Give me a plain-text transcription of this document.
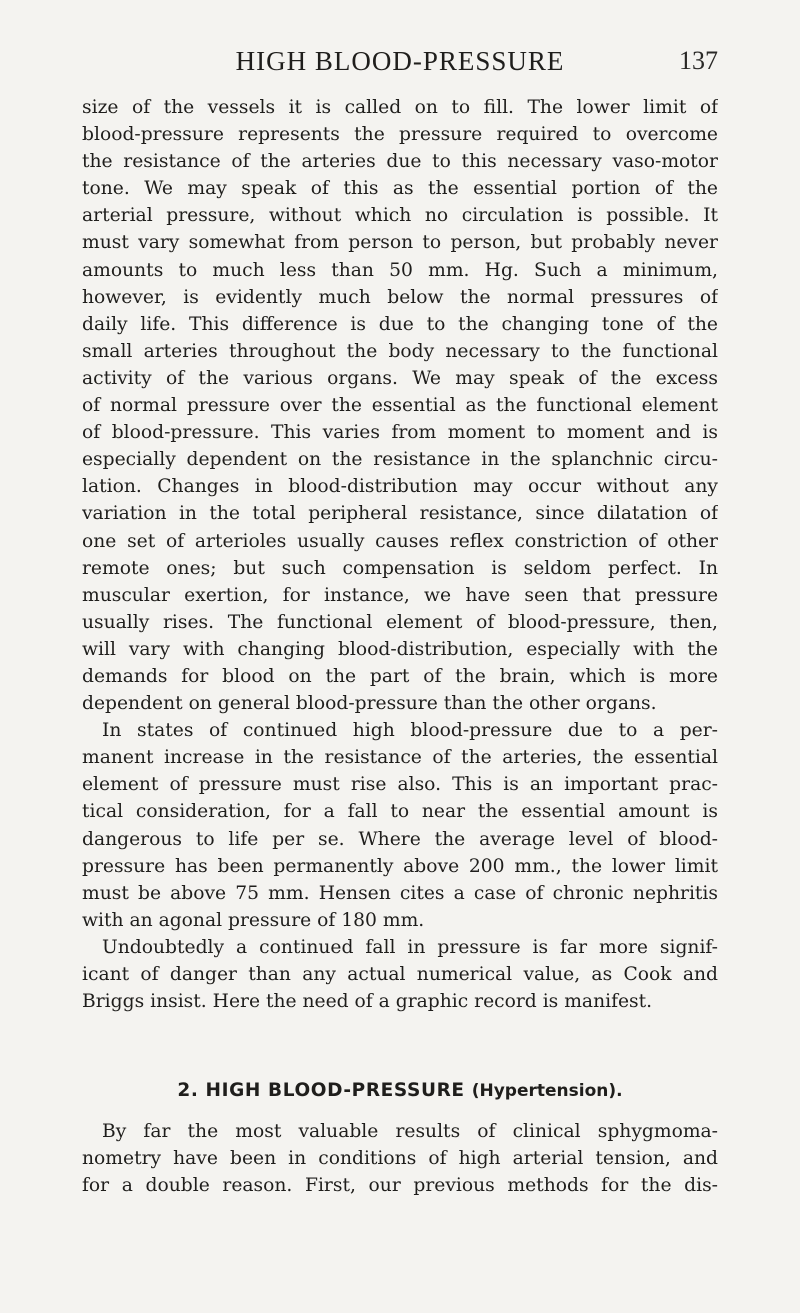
HIGH BLOOD-PRESSURE	137
size of the vessels it is called on to fill. The lower limit of
blood-pressure represents the pressure required to overcome
the resistance of the arteries due to this necessary vaso-motor
tone. We may speak of this as the essential portion of the
arterial pressure, without which no circulation is possible. It
must vary somewhat from person to person, but probably never
amounts to much less than 50 mm. Hg. Such a minimum,
however, is evidently much below the normal pressures of
daily life. This difference is due to the changing tone of the
small arteries throughout the body necessary to the functional
activity of the various organs. We may speak of the excess
of normal pressure over the essential as the functional element
of blood-pressure. This varies from moment to moment and is
especially dependent on the resistance in the splanchnic circu-
lation. Changes in blood-distribution may occur without any
variation in the total peripheral resistance, since dilatation of
one set of arterioles usually causes reflex constriction of other
remote ones; but such compensation is seldom perfect. In
muscular exertion, for instance, we have seen that pressure
usually rises. The functional element of blood-pressure, then,
will vary with changing blood-distribution, especially with the
demands for blood on the part of the brain, which is more
dependent on general blood-pressure than the other organs.
In states of continued high blood-pressure due to a per-
manent increase in the resistance of the arteries, the essential
element of pressure must rise also. This is an important prac-
tical consideration, for a fall to near the essential amount is
dangerous to life per se. Where the average level of blood-
pressure has been permanently above 200 mm., the lower limit
must be above 75 mm. Hensen cites a case of chronic nephritis
with an agonal pressure of 180 mm.
Undoubtedly a continued fall in pressure is far more signif-
icant of danger than any actual numerical value, as Cook and
Briggs insist. Here the need of a graphic record is manifest.
2. HIGH BLOOD-PRESSURE (Hypertension).
By far the most valuable results of clinical sphygmoma-
nometry have been in conditions of high arterial tension, and
for a double reason. First, our previous methods for the dis-
